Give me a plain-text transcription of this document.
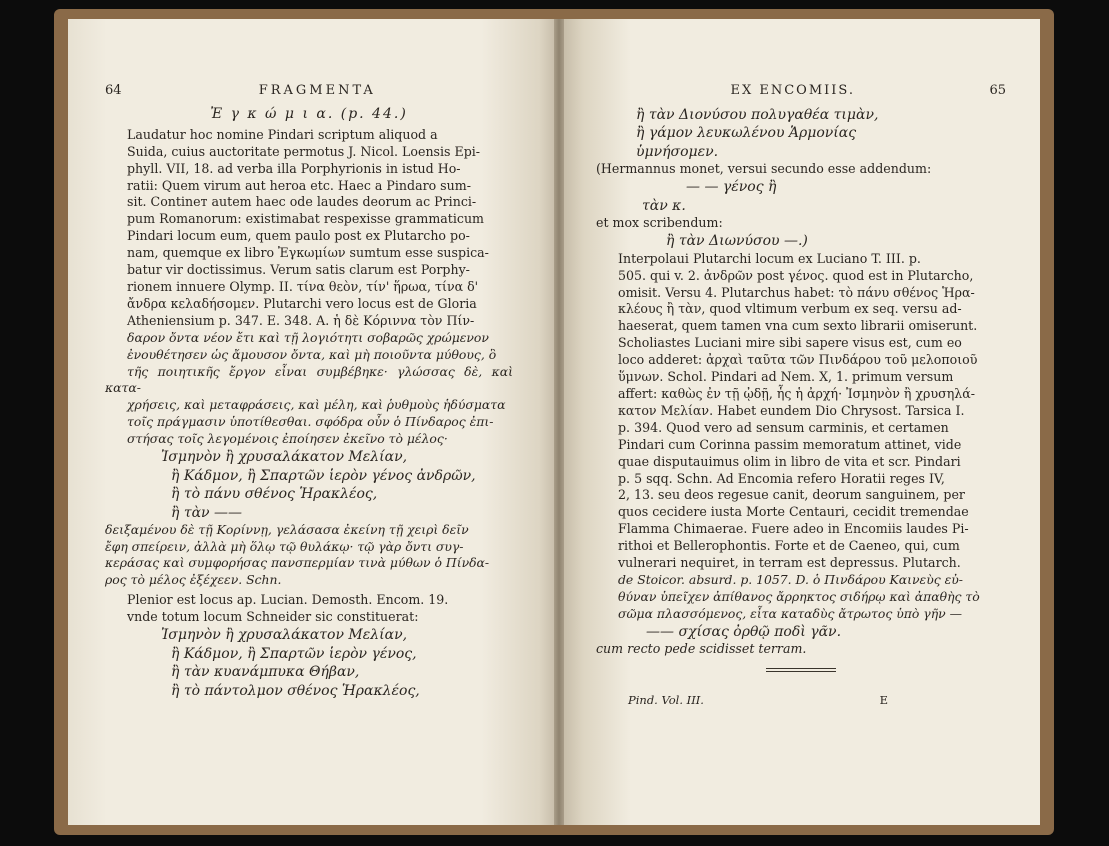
64	FRAGMENTA
Ἐ γ κ ώ μ ι α. (p. 44.)

Laudatur hoc nomine Pindari scriptum aliquod a
Suida, cuius auctoritate permotus J. Nicol. Loensis Epi-
phyll. VII, 18. ad verba illa Porphyrionis in istud Ho-
ratii: Quem virum aut heroa etc. Haec a Pindaro sum-
sit. Contineт autem haec ode laudes deorum ac Princi-
pum Romanorum: existimabat respexisse grammaticum
Pindari locum eum, quem paulo post ex Plutarcho po-
nam, quemque ex libro Ἐγκωμίων sumtum esse suspica-
batur vir doctissimus. Verum satis clarum est Porphy-
rionem innuere Olymp. II. τίνα θεὸν, τίν' ἥρωα, τίνα δ'
ἄνδρα κελαδήσομεν. Plutarchi vero locus est de Gloria
Atheniensium p. 347. E. 348. A. ἡ δὲ Κόριννα τὸν Πίν-
δαρον ὄντα νέον ἔτι καὶ τῇ λογιότητι σοβαρῶς χρώμενον
ἐνουθέτησεν ὡς ἄμουσον ὄντα, καὶ μὴ ποιοῦντα μύθους, ὃ
τῆς ποιητικῆς ἔργον εἶναι συμβέβηκε· γλώσσας δὲ, καὶ κατα-
χρήσεις, καὶ μεταφράσεις, καὶ μέλη, καὶ ῥυθμοὺς ἡδύσματα
τοῖς πράγμασιν ὑποτίθεσθαι. σφόδρα οὖν ὁ Πίνδαρος ἐπι-
στήσας τοῖς λεγομένοις ἐποίησεν ἐκεῖνο τὸ μέλος·

Ἰσμηνὸν ἢ χρυσαλάκατον Μελίαν,

ἢ Κάδμον, ἢ Σπαρτῶν ἱερὸν γένος ἀνδρῶν,

ἢ τὸ πάνυ σθένος Ἡρακλέος,

ἢ τὰν ——

δειξαμένου δὲ τῇ Κορίννῃ, γελάσασα ἐκείνη τῇ χειρὶ δεῖν
ἔφη σπείρειν, ἀλλὰ μὴ ὅλῳ τῷ θυλάκῳ· τῷ γὰρ ὄντι συγ-
κεράσας καὶ συμφορήσας πανσπερμίαν τινὰ μύθων ὁ Πίνδα-
ρος τὸ μέλος ἐξέχεεν. Schn.

Plenior est locus ap. Lucian. Demosth. Encom. 19.
vnde totum locum Schneider sic constituerat:

Ἰσμηνὸν ἢ χρυσαλάκατον Μελίαν,

ἢ Κάδμον, ἢ Σπαρτῶν ἱερὸν γένος,

ἢ τὰν κυανάμπυκα Θήβαν,

ἢ τὸ πάντολμον σθένος Ἡρακλέος,

EX ENCOMIIS.	65

ἢ τὰν Διονύσου πολυγαθέα τιμὰν,

ἢ γάμον λευκωλένου Ἁρμονίας

ὑμνήσομεν.

(Hermannus monet, versui secundo esse addendum:

— — γένος ἢ

τὰν κ.

et mox scribendum:

ἢ τὰν Διωνύσου —.)

Interpolaui Plutarchi locum ex Luciano T. III. p.
505. qui v. 2. ἀνδρῶν post γένος. quod est in Plutarcho,
omisit. Versu 4. Plutarchus habet: τὸ πάνυ σθένος Ἡρα-
κλέους ἢ τὰν, quod vltimum verbum ex seq. versu ad-
haeserat, quem tamen vna cum sexto librarii omiserunt.
Scholiastes Luciani mire sibi sapere visus est, cum eo
loco adderet: ἀρχαὶ ταῦτα τῶν Πινδάρου τοῦ μελοποιοῦ
ὕμνων. Schol. Pindari ad Nem. X, 1. primum versum
affert: καθὼς ἐν τῇ ᾠδῇ, ἧς ἡ ἀρχή· Ἰσμηνὸν ἢ χρυσηλά-
κατον Μελίαν. Habet eundem Dio Chrysost. Tarsica I.
p. 394. Quod vero ad sensum carminis, et certamen
Pindari cum Corinna passim memoratum attinet, vide
quae disputauimus olim in libro de vita et scr. Pindari
p. 5 sqq. Schn. Ad Encomia refero Horatii reges IV,
2, 13. seu deos regesue canit, deorum sanguinem, per
quos cecidere iusta Morte Centauri, cecidit tremendae
Flamma Chimaerae. Fuere adeo in Encomiis laudes Pi-
rithoi et Bellerophontis. Forte et de Caeneo, qui, cum
vulnerari nequiret, in terram est depressus. Plutarch.
de Stoicor. absurd. p. 1057. D. ὁ Πινδάρου Καινεὺς εὐ-
θύναν ὑπεῖχεν ἀπίθανος ἄρρηκτος σιδήρῳ καὶ ἀπαθὴς τὸ
σῶμα πλασσόμενος, εἶτα καταδὺς ἄτρωτος ὑπὸ γῆν —

—— σχίσας ὀρθῷ ποδὶ γᾶν.

cum recto pede scidisset terram.

Pind. Vol. III.	E
